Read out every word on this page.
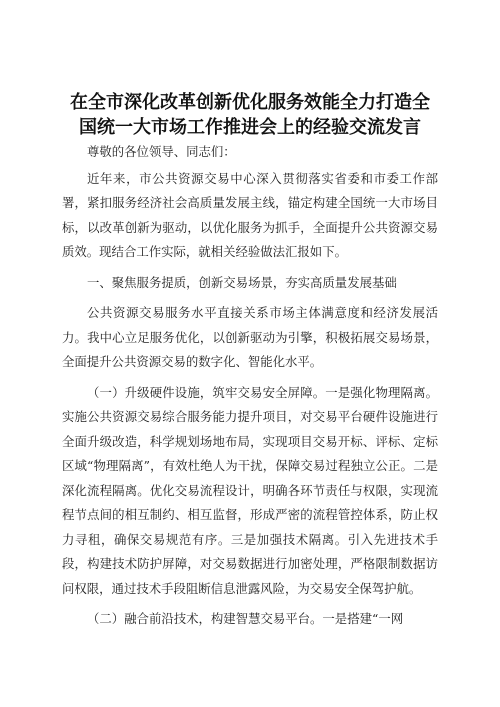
在全市深化改革创新优化服务效能全力打造全
国统一大市场工作推进会上的经验交流发言

尊敬的各位领导、同志们：

近年来，市公共资源交易中心深入贯彻落实省委和市委工作部署，紧扣服务经济社会高质量发展主线，锚定构建全国统一大市场目标，以改革创新为驱动，以优化服务为抓手，全面提升公共资源交易质效。现结合工作实际，就相关经验做法汇报如下。

一、聚焦服务提质，创新交易场景，夯实高质量发展基础

公共资源交易服务水平直接关系市场主体满意度和经济发展活力。我中心立足服务优化，以创新驱动为引擎，积极拓展交易场景，全面提升公共资源交易的数字化、智能化水平。

（一）升级硬件设施，筑牢交易安全屏障。一是强化物理隔离。实施公共资源交易综合服务能力提升项目，对交易平台硬件设施进行全面升级改造，科学规划场地布局，实现项目交易开标、评标、定标区域“物理隔离”，有效杜绝人为干扰，保障交易过程独立公正。二是深化流程隔离。优化交易流程设计，明确各环节责任与权限，实现流程节点间的相互制约、相互监督，形成严密的流程管控体系，防止权力寻租，确保交易规范有序。三是加强技术隔离。引入先进技术手段，构建技术防护屏障，对交易数据进行加密处理，严格限制数据访问权限，通过技术手段阻断信息泄露风险，为交易安全保驾护航。

（二）融合前沿技术，构建智慧交易平台。一是搭建“一网
